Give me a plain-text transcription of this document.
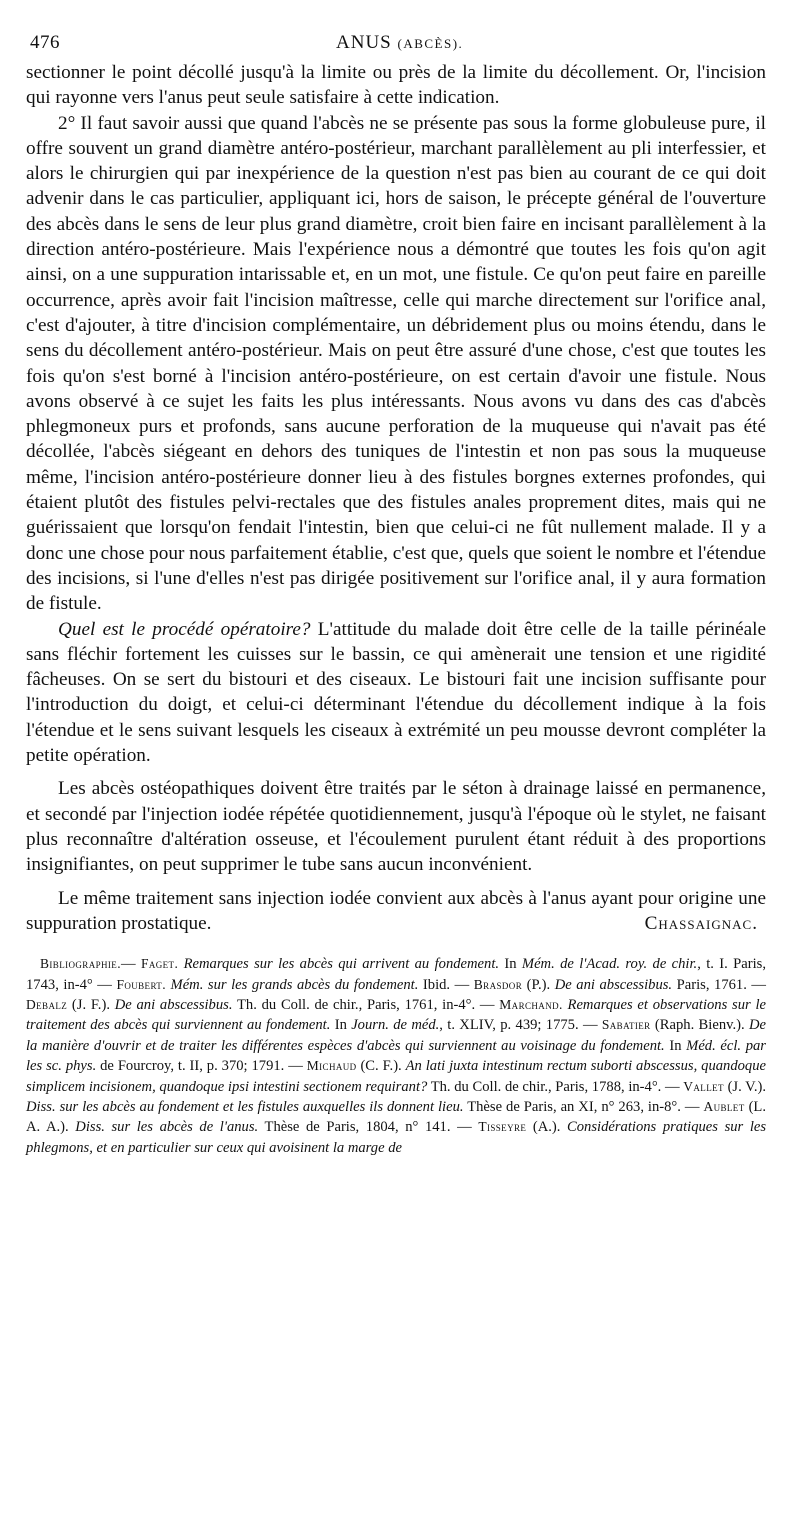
476	ANUS (ABCÈS).

sectionner le point décollé jusqu'à la limite ou près de la limite du décollement. Or, l'incision qui rayonne vers l'anus peut seule satisfaire à cette indication.

2° Il faut savoir aussi que quand l'abcès ne se présente pas sous la forme globuleuse pure, il offre souvent un grand diamètre antéro-postérieur, marchant parallèlement au pli interfessier, et alors le chirurgien qui par inexpérience de la question n'est pas bien au courant de ce qui doit advenir dans le cas particulier, appliquant ici, hors de saison, le précepte général de l'ouverture des abcès dans le sens de leur plus grand diamètre, croit bien faire en incisant parallèlement à la direction antéro-postérieure. Mais l'expérience nous a démontré que toutes les fois qu'on agit ainsi, on a une suppuration intarissable et, en un mot, une fistule. Ce qu'on peut faire en pareille occurrence, après avoir fait l'incision maîtresse, celle qui marche directement sur l'orifice anal, c'est d'ajouter, à titre d'incision complémentaire, un débridement plus ou moins étendu, dans le sens du décollement antéro-postérieur. Mais on peut être assuré d'une chose, c'est que toutes les fois qu'on s'est borné à l'incision antéro-postérieure, on est certain d'avoir une fistule. Nous avons observé à ce sujet les faits les plus intéressants. Nous avons vu dans des cas d'abcès phlegmoneux purs et profonds, sans aucune perforation de la muqueuse qui n'avait pas été décollée, l'abcès siégeant en dehors des tuniques de l'intestin et non pas sous la muqueuse même, l'incision antéro-postérieure donner lieu à des fistules borgnes externes profondes, qui étaient plutôt des fistules pelvi-rectales que des fistules anales proprement dites, mais qui ne guérissaient que lorsqu'on fendait l'intestin, bien que celui-ci ne fût nullement malade. Il y a donc une chose pour nous parfaitement établie, c'est que, quels que soient le nombre et l'étendue des incisions, si l'une d'elles n'est pas dirigée positivement sur l'orifice anal, il y aura formation de fistule.

Quel est le procédé opératoire? L'attitude du malade doit être celle de la taille périnéale sans fléchir fortement les cuisses sur le bassin, ce qui amènerait une tension et une rigidité fâcheuses. On se sert du bistouri et des ciseaux. Le bistouri fait une incision suffisante pour l'introduction du doigt, et celui-ci déterminant l'étendue du décollement indique à la fois l'étendue et le sens suivant lesquels les ciseaux à extrémité un peu mousse devront compléter la petite opération.

Les abcès ostéopathiques doivent être traités par le séton à drainage laissé en permanence, et secondé par l'injection iodée répétée quotidiennement, jusqu'à l'époque où le stylet, ne faisant plus reconnaître d'altération osseuse, et l'écoulement purulent étant réduit à des proportions insignifiantes, on peut supprimer le tube sans aucun inconvénient.

Le même traitement sans injection iodée convient aux abcès à l'anus ayant pour origine une suppuration prostatique.	Chassaignac.

Bibliographie.— Faget. Remarques sur les abcès qui arrivent au fondement. In Mém. de l'Acad. roy. de chir., t. I. Paris, 1743, in-4° — Foubert. Mém. sur les grands abcès du fondement. Ibid. — Brasdor (P.). De ani abscessibus. Paris, 1761. — Debalz (J. F.). De ani abscessibus. Th. du Coll. de chir., Paris, 1761, in-4°. — Marchand. Remarques et observations sur le traitement des abcès qui surviennent au fondement. In Journ. de méd., t. XLIV, p. 439; 1775. — Sabatier (Raph. Bienv.). De la manière d'ouvrir et de traiter les différentes espèces d'abcès qui surviennent au voisinage du fondement. In Méd. écl. par les sc. phys. de Fourcroy, t. II, p. 370; 1791. — Michaud (C. F.). An lati juxta intestinum rectum suborti abscessus, quandoque simplicem incisionem, quandoque ipsi intestini sectionem requirant? Th. du Coll. de chir., Paris, 1788, in-4°. — Vallet (J. V.). Diss. sur les abcès au fondement et les fistules auxquelles ils donnent lieu. Thèse de Paris, an XI, n° 263, in-8°. — Aublet (L. A. A.). Diss. sur les abcès de l'anus. Thèse de Paris, 1804, n° 141. — Tisseyre (A.). Considérations pratiques sur les phlegmons, et en particulier sur ceux qui avoisinent la marge de
